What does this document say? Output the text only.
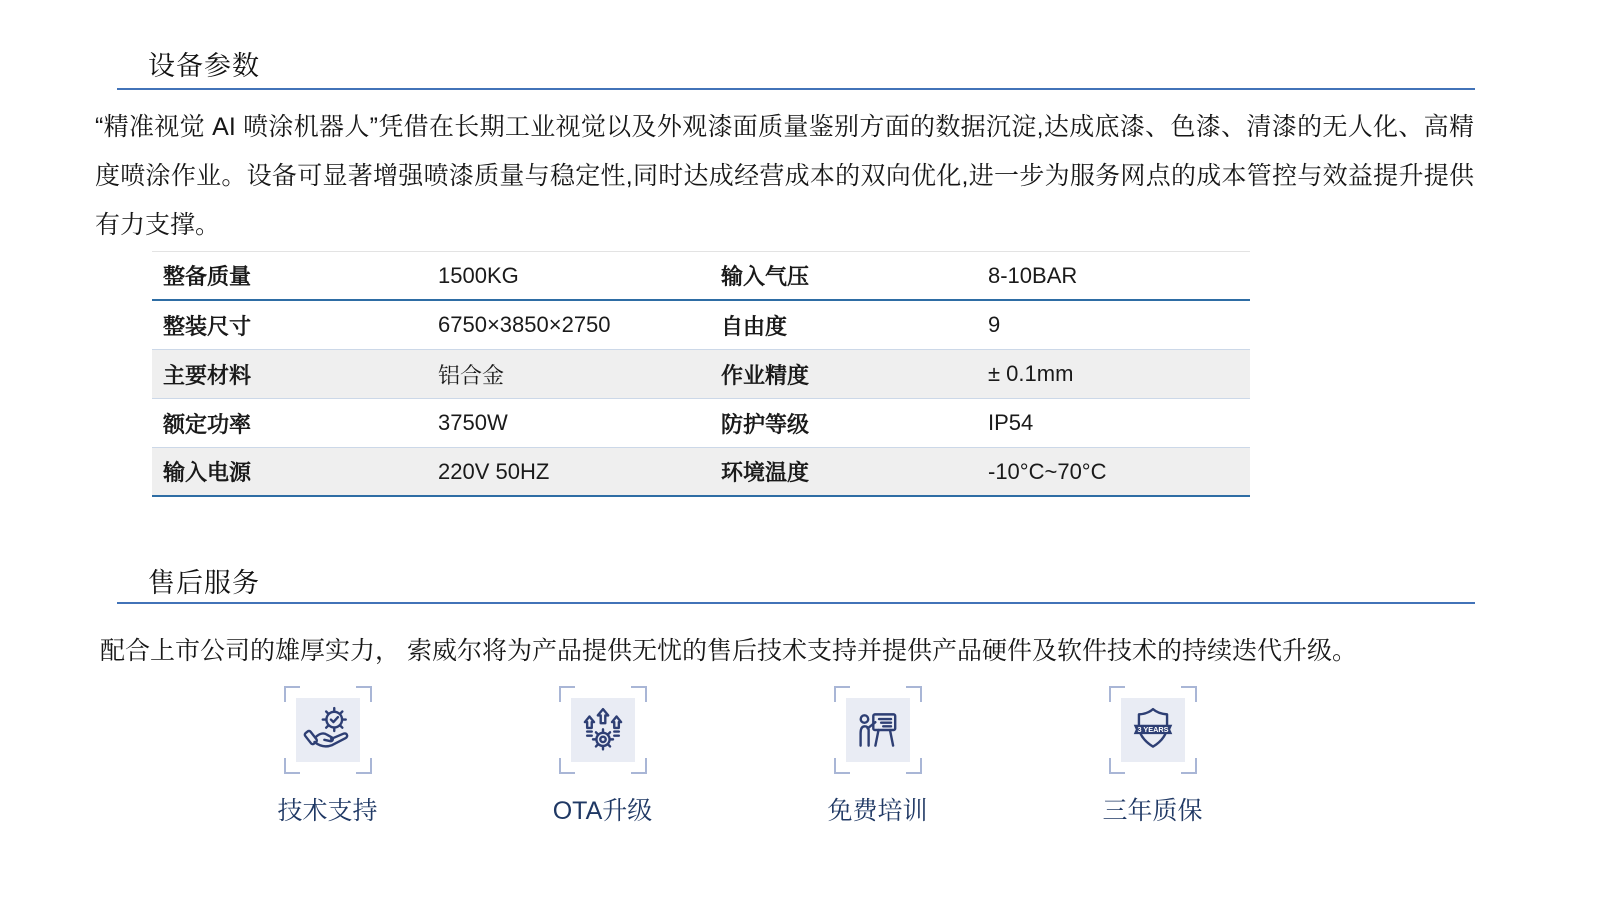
设备参数
“精准视觉 AI 喷涂机器人”凭借在长期工业视觉以及外观漆面质量鉴别方面的数据沉淀,达成底漆、色漆、清漆的无人化、高精度喷涂作业。设备可显著增强喷漆质量与稳定性,同时达成经营成本的双向优化,进一步为服务网点的成本管控与效益提升提供有力支撑。
整备质量	1500KG	输入气压	8-10BAR
整装尺寸	6750×3850×2750	自由度	9
主要材料	铝合金	作业精度	± 0.1mm
额定功率	3750W	防护等级	IP54
输入电源	220V 50HZ	环境温度	-10°C~70°C
售后服务
配合上市公司的雄厚实力， 索威尔将为产品提供无忧的售后技术支持并提供产品硬件及软件技术的持续迭代升级。
技术支持	OTA升级	免费培训
3 YEARS
三年质保
